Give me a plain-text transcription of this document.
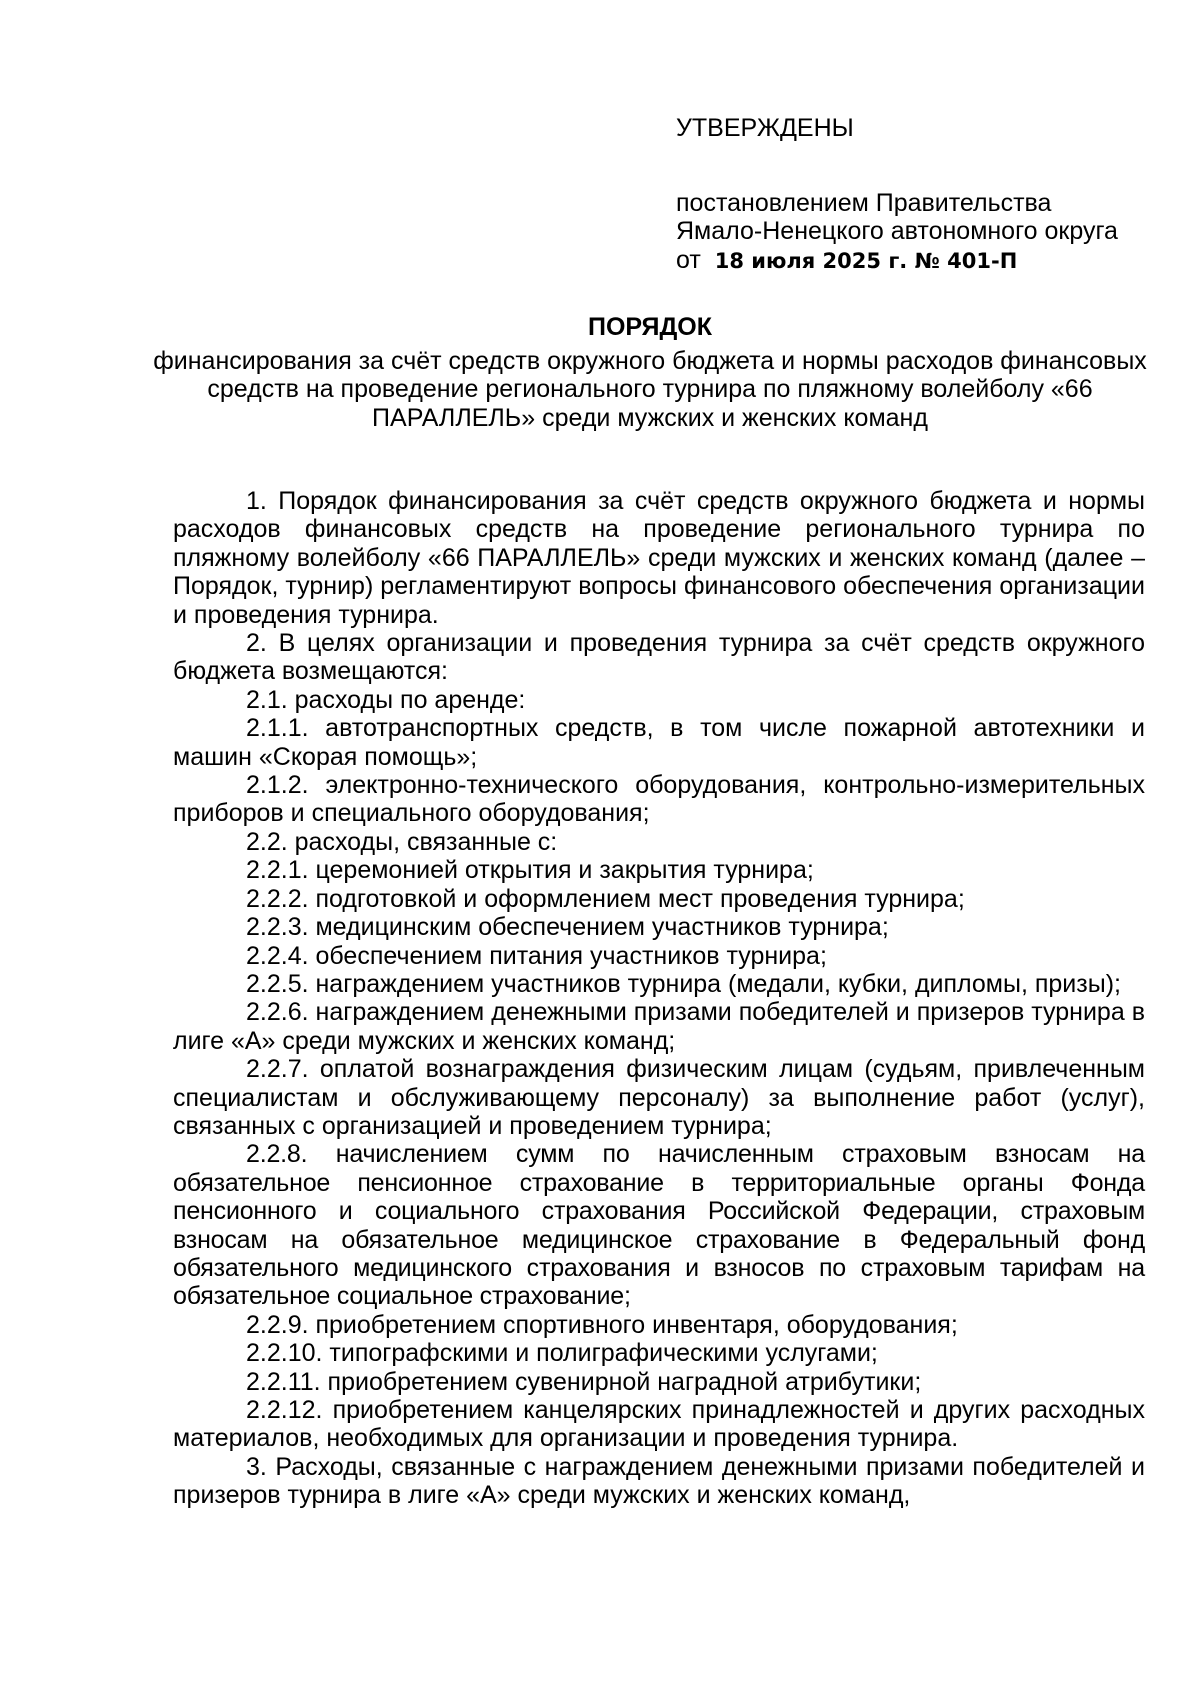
УТВЕРЖДЕНЫ
постановлением Правительства
Ямало-Ненецкого автономного округа
от 18 июля 2025 г. № 401-П
ПОРЯДОК
финансирования за счёт средств окружного бюджета и нормы расходов финансовых средств на проведение регионального турнира по пляжному волейболу «66 ПАРАЛЛЕЛЬ» среди мужских и женских команд

1. Порядок финансирования за счёт средств окружного бюджета и нормы расходов финансовых средств на проведение регионального турнира по пляжному волейболу «66 ПАРАЛЛЕЛЬ» среди мужских и женских команд (далее – Порядок, турнир) регламентируют вопросы финансового обеспечения организации и проведения турнира.

2. В целях организации и проведения турнира за счёт средств окружного бюджета возмещаются:

2.1. расходы по аренде:

2.1.1. автотранспортных средств, в том числе пожарной автотехники и машин «Скорая помощь»;

2.1.2. электронно-технического оборудования, контрольно-измерительных приборов и специального оборудования;

2.2. расходы, связанные с:

2.2.1. церемонией открытия и закрытия турнира;

2.2.2. подготовкой и оформлением мест проведения турнира;

2.2.3. медицинским обеспечением участников турнира;

2.2.4. обеспечением питания участников турнира;

2.2.5. награждением участников турнира (медали, кубки, дипломы, призы);

2.2.6. награждением денежными призами победителей и призеров турнира в лиге «А» среди мужских и женских команд;

2.2.7. оплатой вознаграждения физическим лицам (судьям, привлеченным специалистам и обслуживающему персоналу) за выполнение работ (услуг), связанных с организацией и проведением турнира;

2.2.8. начислением сумм по начисленным страховым взносам на обязательное пенсионное страхование в территориальные органы Фонда пенсионного и социального страхования Российской Федерации, страховым взносам на обязательное медицинское страхование в Федеральный фонд обязательного медицинского страхования и взносов по страховым тарифам на обязательное социальное страхование;

2.2.9. приобретением спортивного инвентаря, оборудования;

2.2.10. типографскими и полиграфическими услугами;

2.2.11. приобретением сувенирной наградной атрибутики;

2.2.12. приобретением канцелярских принадлежностей и других расходных материалов, необходимых для организации и проведения турнира.

3. Расходы, связанные с награждением денежными призами победителей и призеров турнира в лиге «А» среди мужских и женских команд,
